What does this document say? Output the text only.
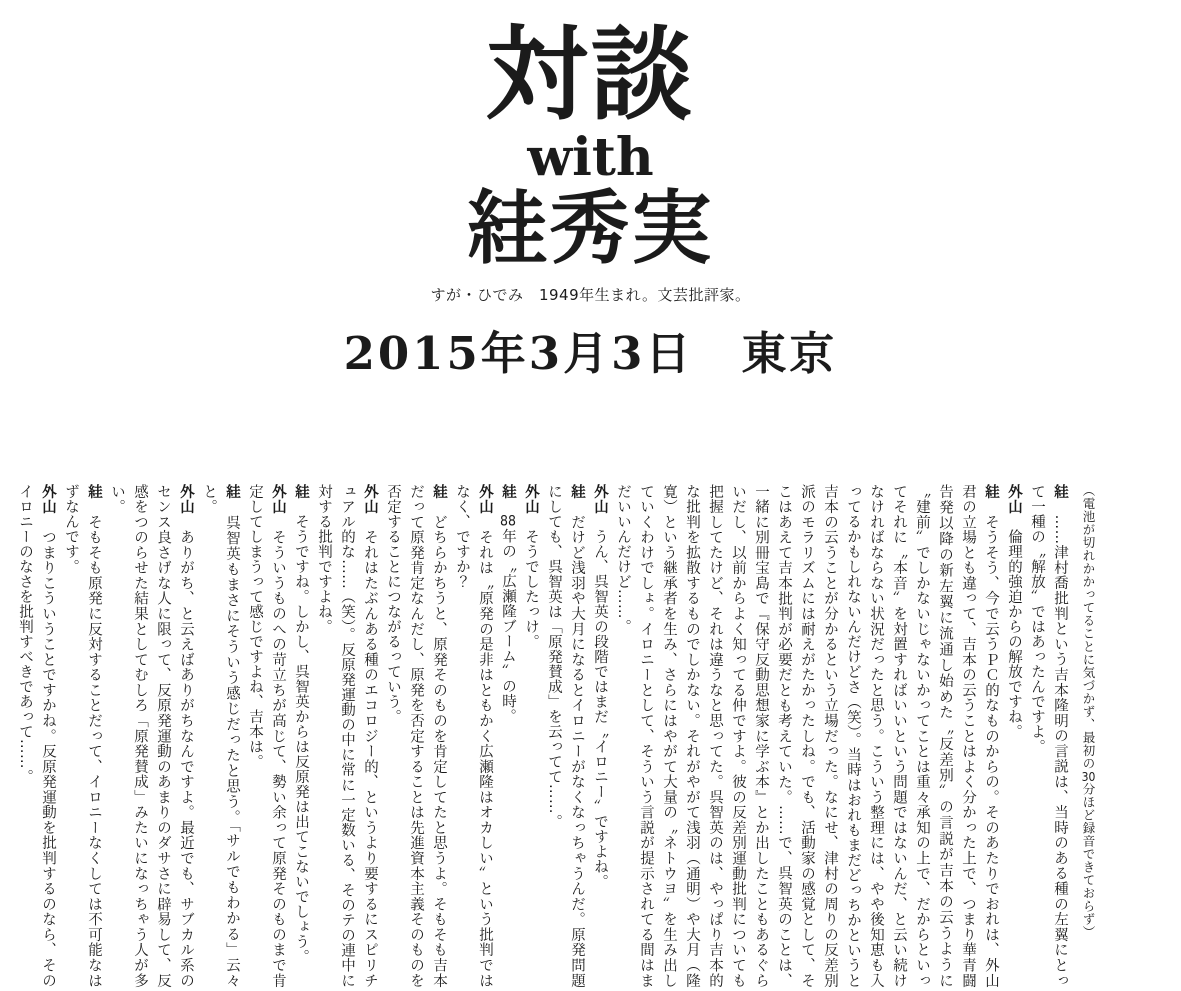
対談
with
絓秀実
すが・ひでみ　1949年生まれ。文芸批評家。
2015年3月3日　東京

（電池が切れかかってることに気づかず、最初の30分ほど録音できておらず）

絓……津村喬批判という吉本隆明の言説は、当時のある種の左翼にとって一種の〝解放〟ではあったんですよ。

外山倫理的強迫からの解放ですね。

絓そうそう、今で云うＰＣ的なものからの。そのあたりでおれは、外山君の立場とも違って、吉本の云うことはよく分かった上で、つまり華青闘告発以降の新左翼に流通し始めた〝反差別〟の言説が吉本の云うように〝建前〟でしかないじゃないかってことは重々承知の上で、だからといってそれに〝本音〟を対置すればいいという問題ではないんだ、と云い続けなければならない状況だったと思う。こういう整理には、やや後知恵も入ってるかもしれないんだけどさ（笑）。当時はおれもまだどっちかというと吉本の云うことが分かるという立場だった。なにせ、津村の周りの反差別派のモラリズムには耐えがたかったしね。でも、活動家の感覚として、そこはあえて吉本批判が必要だとも考えていた。……で、呉智英のことは、一緒に別冊宝島で『保守反動思想家に学ぶ本』とか出したこともあるぐらいだし、以前からよく知ってる仲ですよ。彼の反差別運動批判についても把握してたけど、それは違うなと思ってた。呉智英のは、やっぱり吉本的な批判を拡散するものでしかない。それがやがて浅羽（通明）や大月（隆寛）という継承者を生み、さらにはやがて大量の〝ネトウヨ〟を生み出していくわけでしょ。イロニーとして、そういう言説が提示されてる間はまだいいんだけど……。

外山うん、呉智英の段階ではまだ〝イロニー〟ですよね。

絓だけど浅羽や大月になるとイロニーがなくなっちゃうんだ。原発問題にしても、呉智英は「原発賛成」を云ってて……。

外山そうでしたっけ。

絓88年の〝広瀬隆ブーム〟の時。

外山それは〝原発の是非はともかく広瀬隆はオカしい〟という批判ではなく、ですか？

絓どちらかちうと、原発そのものを肯定してたと思うよ。そもそも吉本だって原発肯定なんだし、原発を否定することは先進資本主義そのものを否定することにつながるっていう。

外山それはたぶんある種のエコロジー的、というより要するにスピリチュアル的な……（笑）。反原発運動の中に常に一定数いる、そのテの連中に対する批判ですよね。

絓そうですね。しかし、呉智英からは反原発は出てこないでしょう。

外山そういうものへの苛立ちが高じて、勢い余って原発そのものまで肯定してしまうって感じですよね、吉本は。

絓呉智英もまさにそういう感じだったと思う。「サルでもわかる」云々と。

外山ありがち、と云えばありがちなんですよ。最近でも、サブカル系のセンス良さげな人に限って、反原発運動のあまりのダサさに辟易して、反感をつのらせた結果としてむしろ「原発賛成」みたいになっちゃう人が多い。

絓そもそも原発に反対することだって、イロニーなくしては不可能なはずなんです。

外山つまりこういうことですかね。反原発運動を批判するのなら、そのイロニーのなさを批判すべきであって……。
